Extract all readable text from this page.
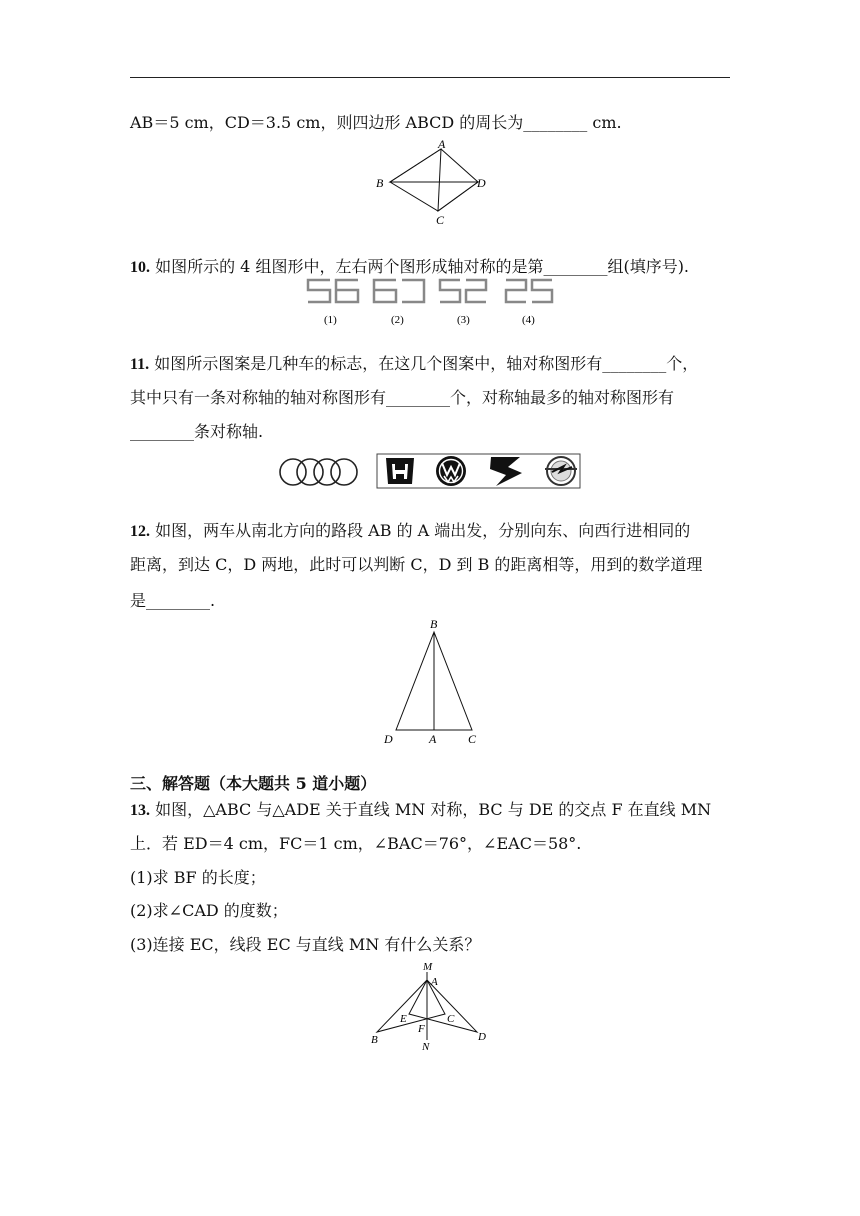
AB＝5 cm，CD＝3.5 cm，则四边形 ABCD 的周长为________ cm.
A
B	D
C
10. 如图所示的 4 组图形中，左右两个图形成轴对称的是第________组(填序号).
(1)	(2)	(3)	(4)
11. 如图所示图案是几种车的标志，在这几个图案中，轴对称图形有________个，
其中只有一条对称轴的轴对称图形有________个，对称轴最多的轴对称图形有
________条对称轴.
12. 如图，两车从南北方向的路段 AB 的 A 端出发，分别向东、向西行进相同的
距离，到达 C，D 两地，此时可以判断 C，D 到 B 的距离相等，用到的数学道理
是________.
B
D	A	C
三、解答题（本大题共 5 道小题）
13. 如图，△ABC 与△ADE 关于直线 MN 对称，BC 与 DE 的交点 F 在直线 MN
上．若 ED＝4 cm，FC＝1 cm，∠BAC＝76°，∠EAC＝58°.
(1)求 BF 的长度；
(2)求∠CAD 的度数；
(3)连接 EC，线段 EC 与直线 MN 有什么关系？
M
A
E	C
F
B
N
D
